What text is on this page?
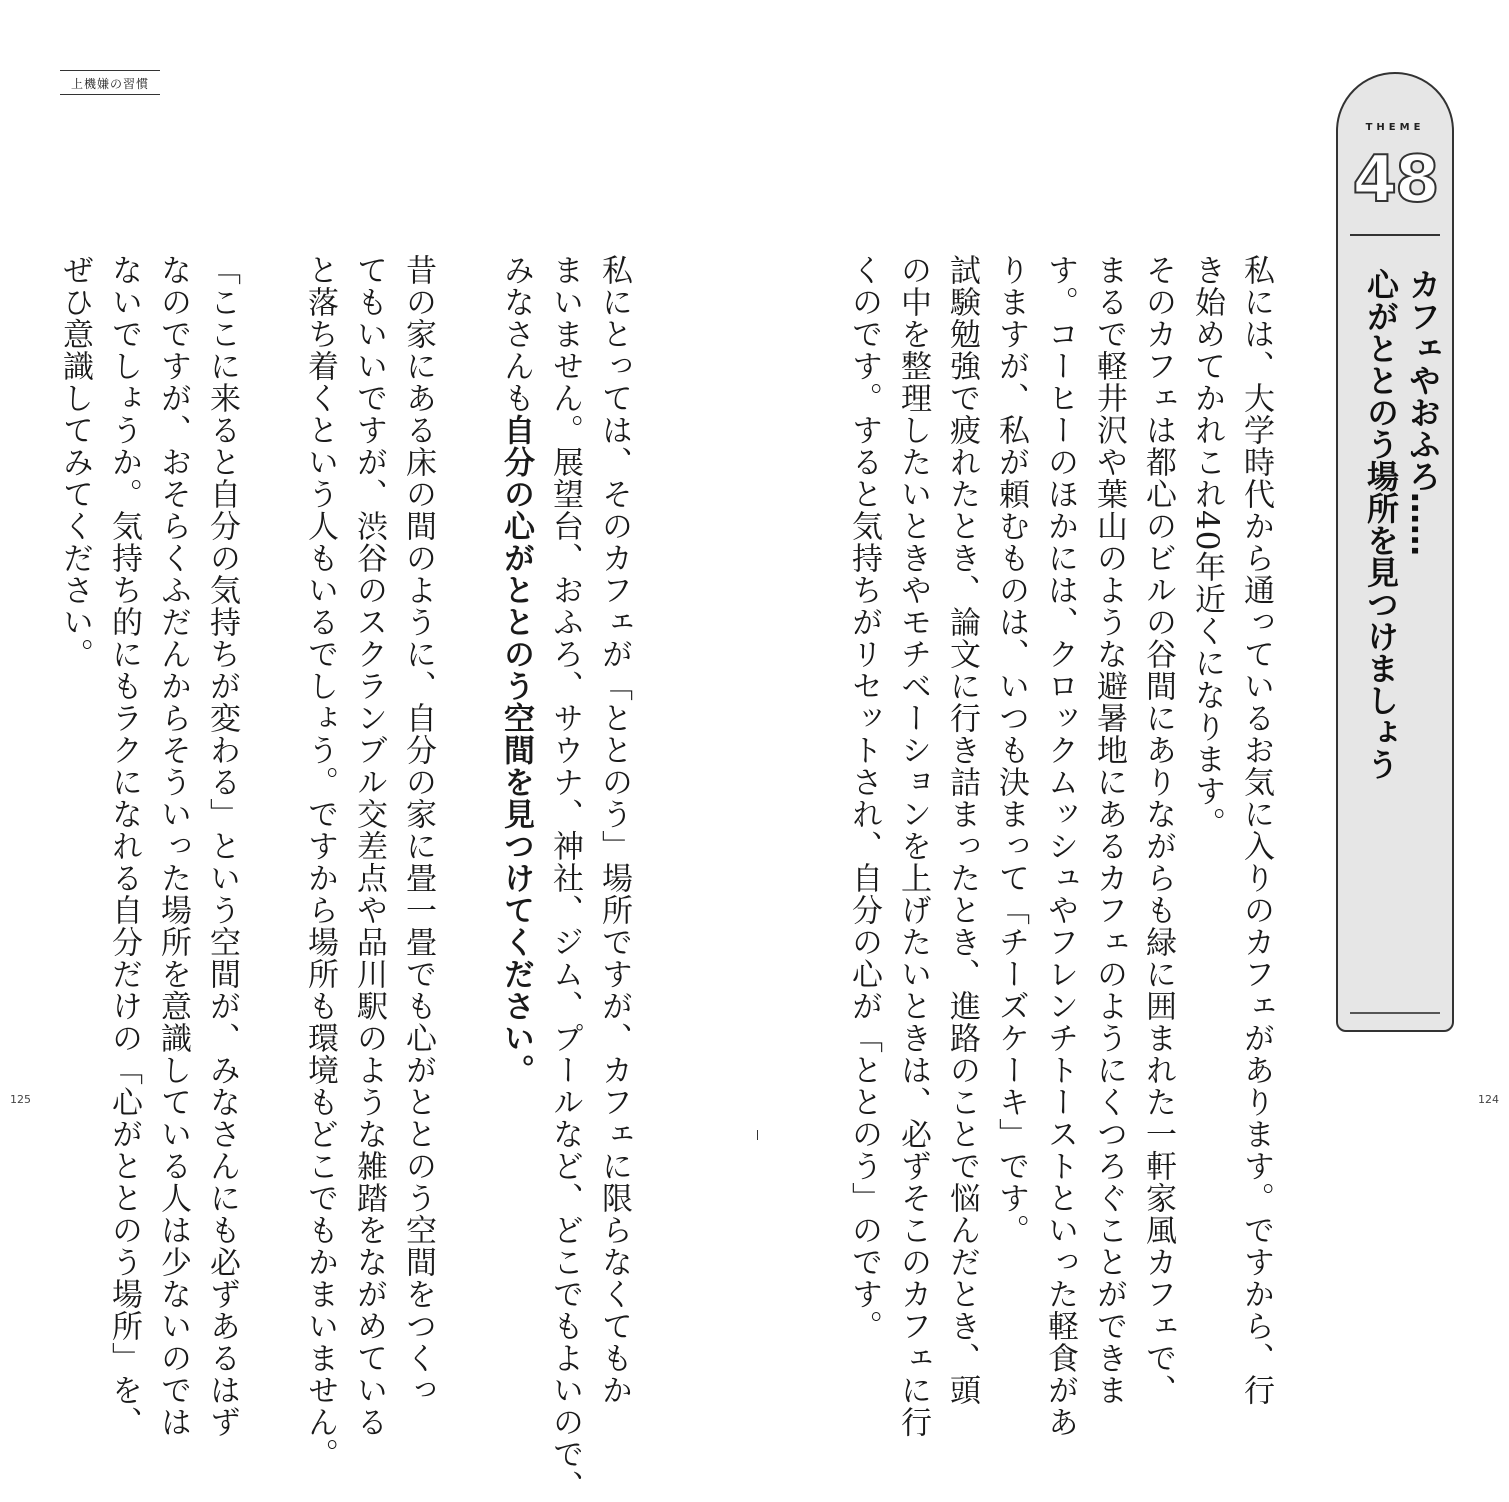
上機嫌の習慣
THEME
48
カフェやおふろ……
心がととのう場所を見つけましょう
私には、大学時代から通っているお気に入りのカフェがあります。ですから、行
き始めてかれこれ40年近くになります。
そのカフェは都心のビルの谷間にありながらも緑に囲まれた一軒家風カフェで、
まるで軽井沢や葉山のような避暑地にあるカフェのようにくつろぐことができま
す。コーヒーのほかには、クロックムッシュやフレンチトーストといった軽食があ
りますが、私が頼むものは、いつも決まって「チーズケーキ」です。
試験勉強で疲れたとき、論文に行き詰まったとき、進路のことで悩んだとき、頭
の中を整理したいときやモチベーションを上げたいときは、必ずそこのカフェに行
くのです。すると気持ちがリセットされ、自分の心が「ととのう」のです。
私にとっては、そのカフェが「ととのう」場所ですが、カフェに限らなくてもか
まいません。展望台、おふろ、サウナ、神社、ジム、プールなど、どこでもよいので、
みなさんも自分の心がととのう空間を見つけてください。
昔の家にある床の間のように、自分の家に畳一畳でも心がととのう空間をつくっ
てもいいですが、渋谷のスクランブル交差点や品川駅のような雑踏をながめている
と落ち着くという人もいるでしょう。ですから場所も環境もどこでもかまいません。
「ここに来ると自分の気持ちが変わる」という空間が、みなさんにも必ずあるはず
なのですが、おそらくふだんからそういった場所を意識している人は少ないのでは
ないでしょうか。気持ち的にもラクになれる自分だけの「心がととのう場所」を、
ぜひ意識してみてください。
125	124
